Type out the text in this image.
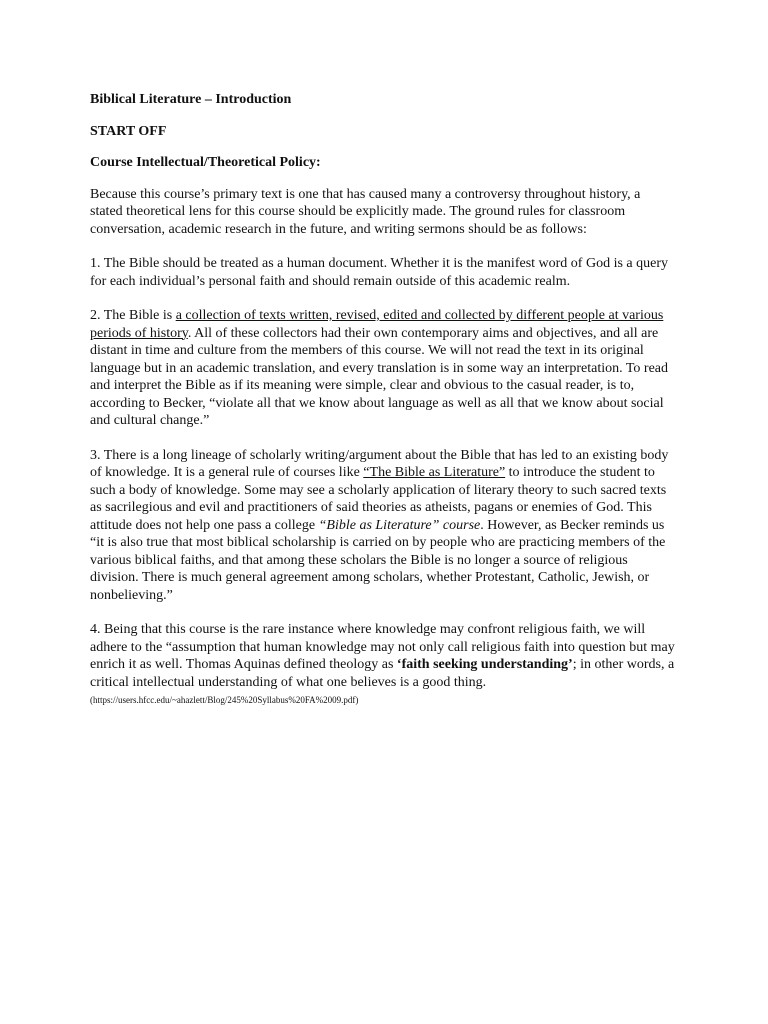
Biblical Literature – Introduction
START OFF
Course Intellectual/Theoretical Policy:

Because this course’s primary text is one that has caused many a controversy throughout history, a stated theoretical lens for this course should be explicitly made. The ground rules for classroom conversation, academic research in the future, and writing sermons should be as follows:

1. The Bible should be treated as a human document. Whether it is the manifest word of God is a query for each individual’s personal faith and should remain outside of this academic realm.

2. The Bible is a collection of texts written, revised, edited and collected by different people at various periods of history. All of these collectors had their own contemporary aims and objectives, and all are distant in time and culture from the members of this course. We will not read the text in its original language but in an academic translation, and every translation is in some way an interpretation. To read and interpret the Bible as if its meaning were simple, clear and obvious to the casual reader, is to, according to Becker, “violate all that we know about language as well as all that we know about social and cultural change.”

3. There is a long lineage of scholarly writing/argument about the Bible that has led to an existing body of knowledge. It is a general rule of courses like “The Bible as Literature” to introduce the student to such a body of knowledge. Some may see a scholarly application of literary theory to such sacred texts as sacrilegious and evil and practitioners of said theories as atheists, pagans or enemies of God. This attitude does not help one pass a college “Bible as Literature” course. However, as Becker reminds us “it is also true that most biblical scholarship is carried on by people who are practicing members of the various biblical faiths, and that among these scholars the Bible is no longer a source of religious division. There is much general agreement among scholars, whether Protestant, Catholic, Jewish, or nonbelieving.”

4. Being that this course is the rare instance where knowledge may confront religious faith, we will adhere to the “assumption that human knowledge may not only call religious faith into question but may enrich it as well. Thomas Aquinas defined theology as ‘faith seeking understanding’; in other words, a critical intellectual understanding of what one believes is a good thing. (https://users.hfcc.edu/~ahazlett/Blog/245%20Syllabus%20FA%2009.pdf)
